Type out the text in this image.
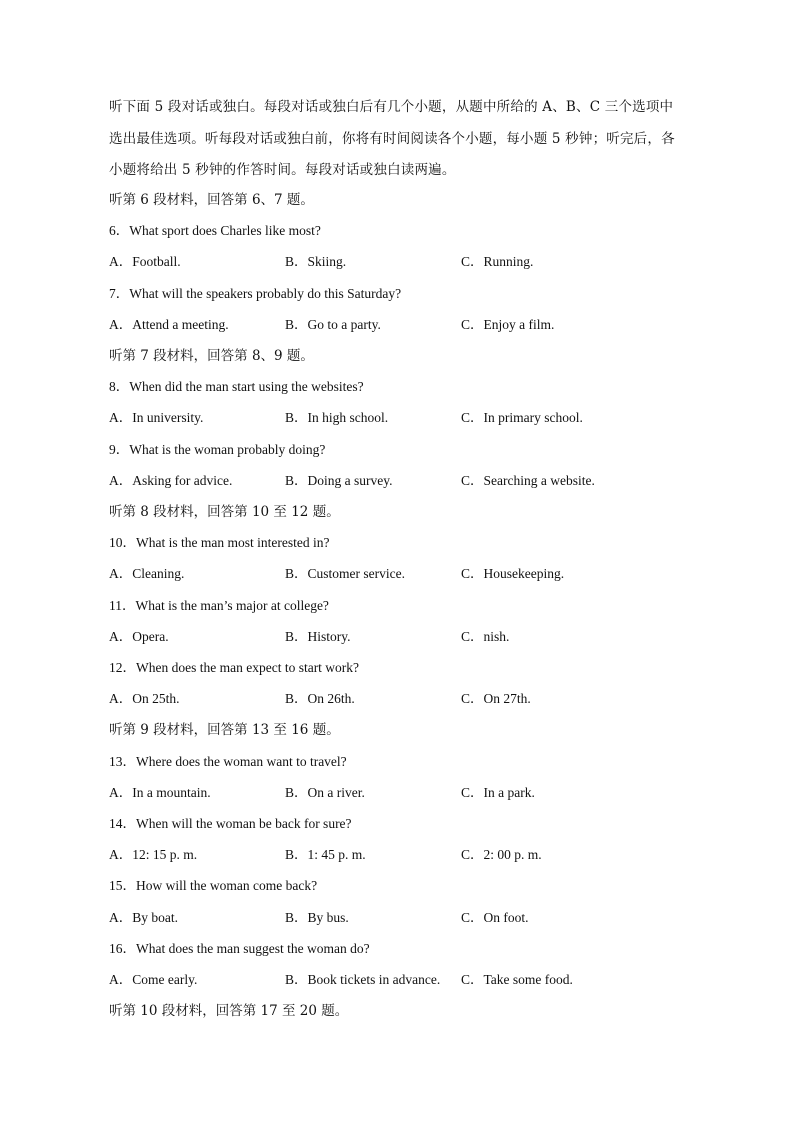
听下面 5 段对话或独白。每段对话或独白后有几个小题，从题中所给的 A、B、C 三个选项中
选出最佳选项。听每段对话或独白前，你将有时间阅读各个小题，每小题 5 秒钟；听完后，各
小题将给出 5 秒钟的作答时间。每段对话或独白读两遍。
听第 6 段材料，回答第 6、7 题。
6．What sport does Charles like most?
A．Football.	B．Skiing.	C．Running.
7．What will the speakers probably do this Saturday?
A．Attend a meeting.	B．Go to a party.	C．Enjoy a film.
听第 7 段材料，回答第 8、9 题。
8．When did the man start using the websites?
A．In university.	B．In high school.	C．In primary school.
9．What is the woman probably doing?
A．Asking for advice.	B．Doing a survey.	C．Searching a website.
听第 8 段材料，回答第 10 至 12 题。
10．What is the man most interested in?
A．Cleaning.	B．Customer service.	C．Housekeeping.
11．What is the man’s major at college?
A．Opera.	B．History.	C．nish.
12．When does the man expect to start work?
A．On 25th.	B．On 26th.	C．On 27th.
听第 9 段材料，回答第 13 至 16 题。
13．Where does the woman want to travel?
A．In a mountain.	B．On a river.	C．In a park.
14．When will the woman be back for sure?
A．12: 15 p. m.	B．1: 45 p. m.	C．2: 00 p. m.
15．How will the woman come back?
A．By boat.	B．By bus.	C．On foot.
16．What does the man suggest the woman do?
A．Come early.	B．Book tickets in advance. C．Take some food.
听第 10 段材料，回答第 17 至 20 题。
